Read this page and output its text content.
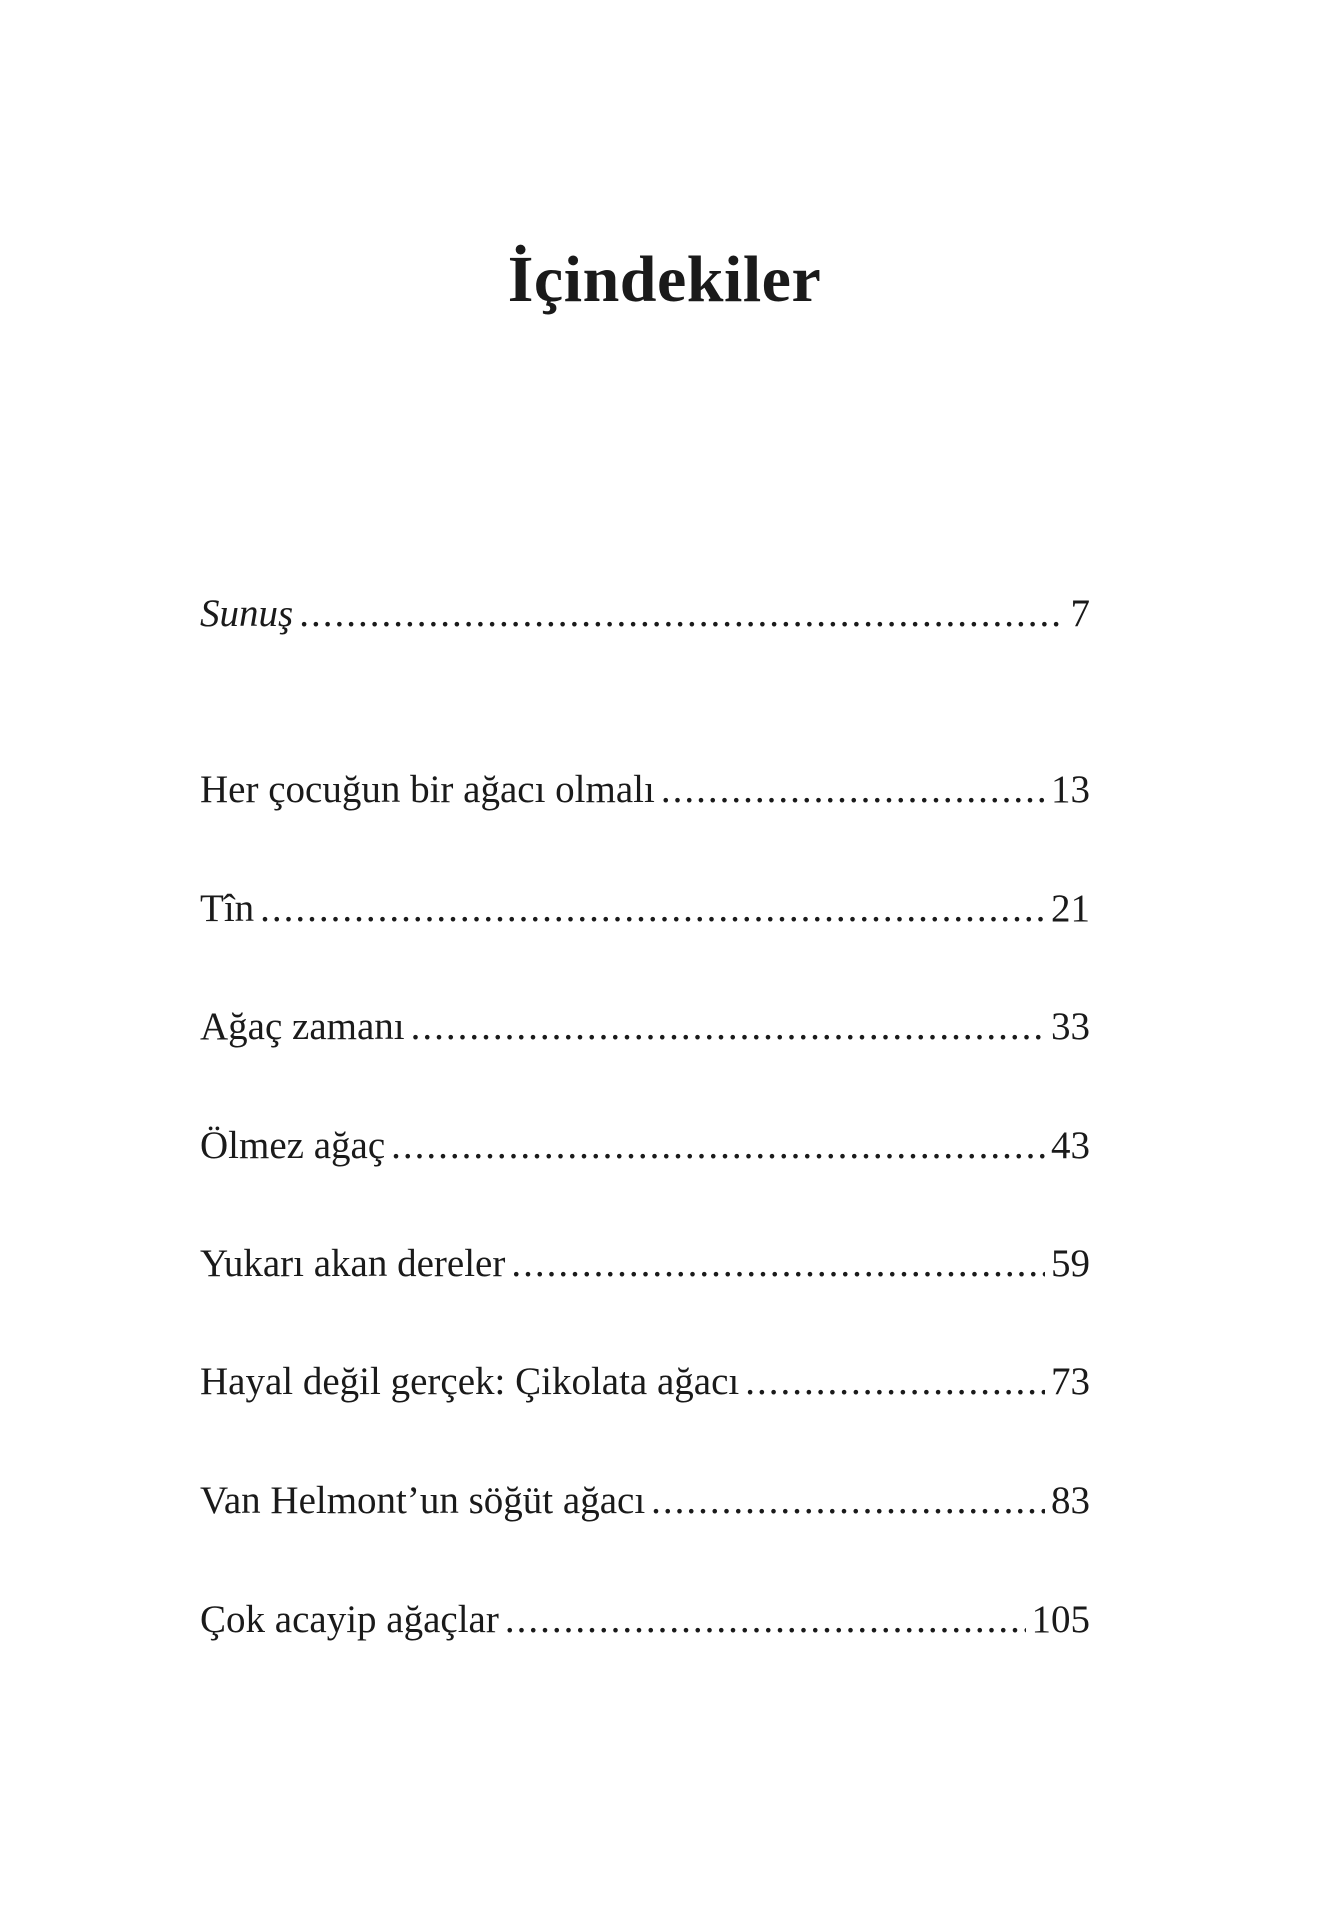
İçindekiler
Sunuş .....	7
Her çocuğun bir ağacı olmalı .....	13
Tîn .....	21
Ağaç zamanı .....	33
Ölmez ağaç .....	43
Yukarı akan dereler .....	59
Hayal değil gerçek: Çikolata ağacı .....	73
Van Helmont’un söğüt ağacı .....	83
Çok acayip ağaçlar .....	105
